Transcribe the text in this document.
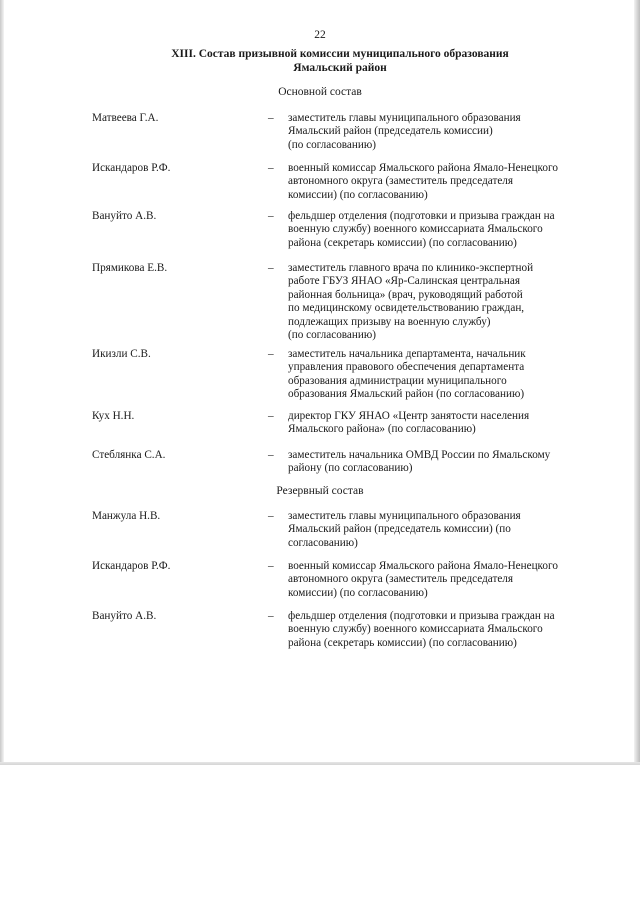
22
XIII. Состав призывной комиссии муниципального образования
Ямальский район
Основной состав
Матвеева Г.А.	– заместитель главы муниципального образования
Ямальский район (председатель комиссии)
(по согласованию)
Искандаров Р.Ф.	– военный комиссар Ямальского района Ямало-Ненецкого
автономного округа (заместитель председателя
комиссии) (по согласованию)
Вануйто А.В.	– фельдшер отделения (подготовки и призыва граждан на
военную службу) военного комиссариата Ямальского
района (секретарь комиссии) (по согласованию)
Прямикова Е.В.	– заместитель главного врача по клинико-экспертной
работе ГБУЗ ЯНАО «Яр-Салинская центральная
районная больница» (врач, руководящий работой
по медицинскому освидетельствованию граждан,
подлежащих призыву на военную службу)
(по согласованию)
Икизли С.В.	– заместитель начальника департамента, начальник
управления правового обеспечения департамента
образования администрации муниципального
образования Ямальский район (по согласованию)
Кух Н.Н.	– директор ГКУ ЯНАО «Центр занятости населения
Ямальского района» (по согласованию)
Стеблянка С.А.	– заместитель начальника ОМВД России по Ямальскому
району (по согласованию)
Резервный состав
Манжула Н.В.	– заместитель главы муниципального образования
Ямальский район (председатель комиссии) (по
согласованию)
Искандаров Р.Ф.	– военный комиссар Ямальского района Ямало-Ненецкого
автономного округа (заместитель председателя
комиссии) (по согласованию)
Вануйто А.В.	– фельдшер отделения (подготовки и призыва граждан на
военную службу) военного комиссариата Ямальского
района (секретарь комиссии) (по согласованию)
